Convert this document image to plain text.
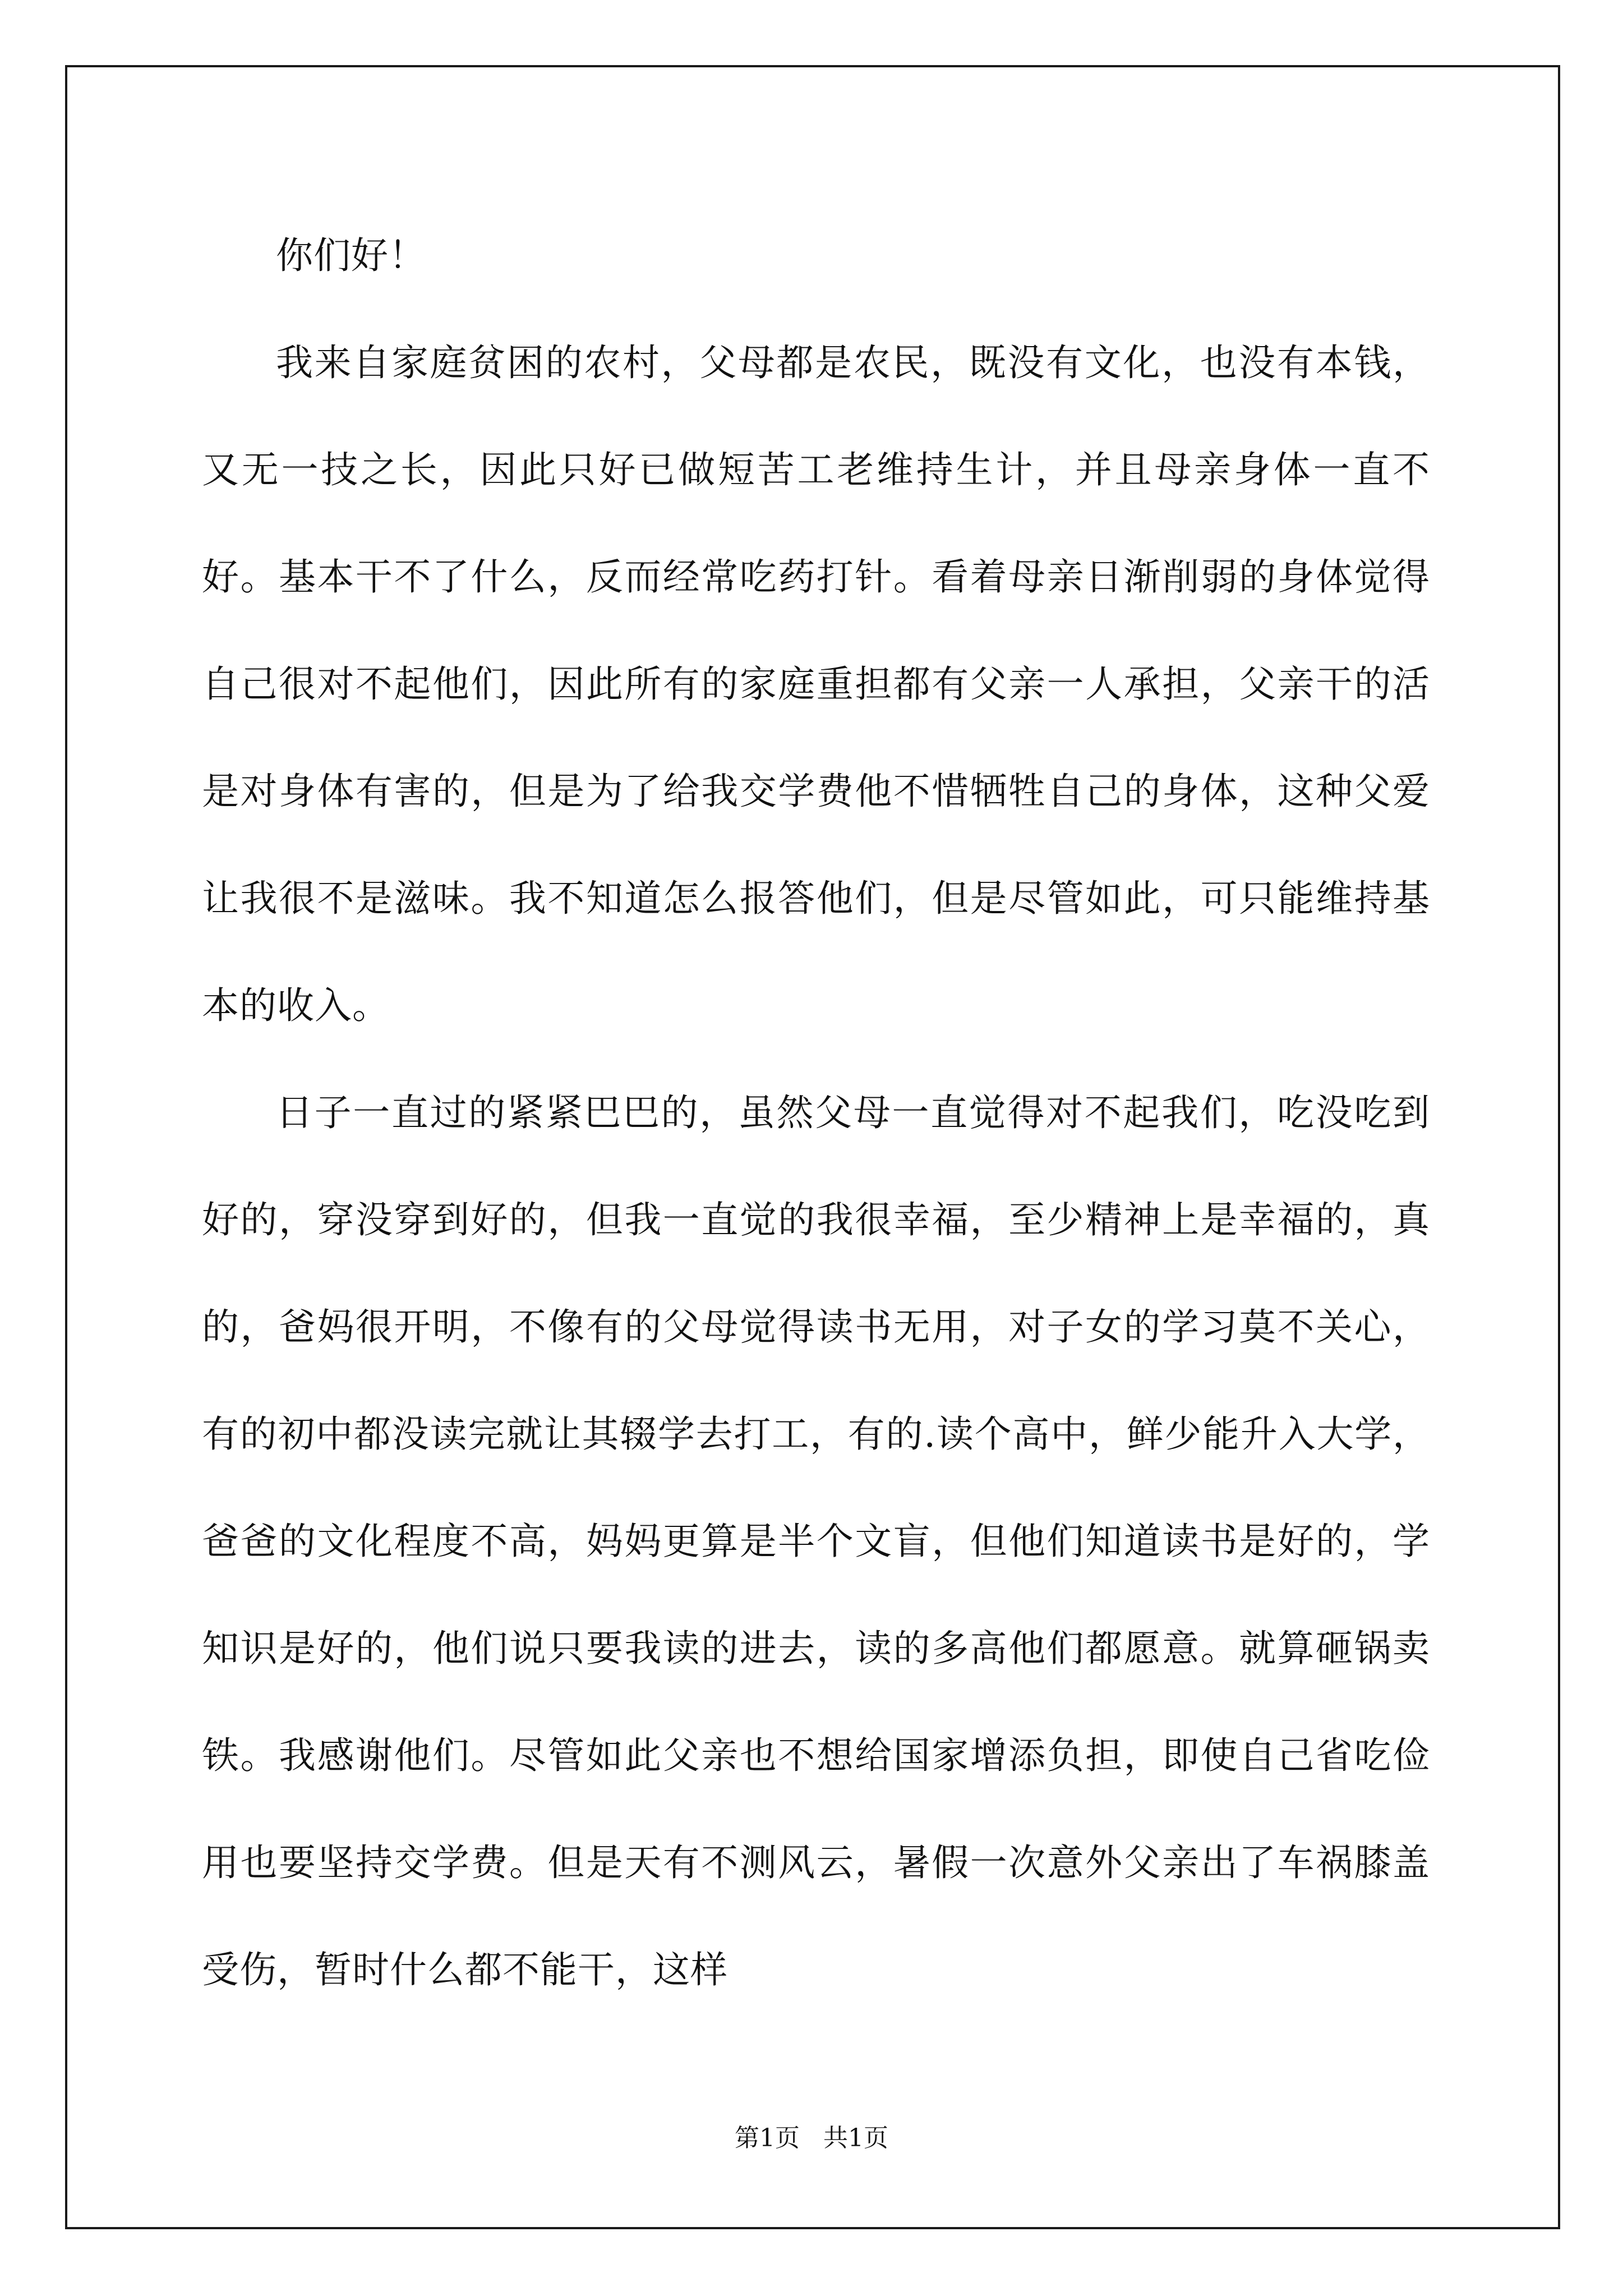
你们好！

我来自家庭贫困的农村，父母都是农民，既没有文化，也没有本钱，又无一技之长，因此只好已做短苦工老维持生计，并且母亲身体一直不好。基本干不了什么，反而经常吃药打针。看着母亲日渐削弱的身体觉得自己很对不起他们，因此所有的家庭重担都有父亲一人承担，父亲干的活是对身体有害的，但是为了给我交学费他不惜牺牲自己的身体，这种父爱让我很不是滋味。我不知道怎么报答他们，但是尽管如此，可只能维持基本的收入。

日子一直过的紧紧巴巴的，虽然父母一直觉得对不起我们，吃没吃到好的，穿没穿到好的，但我一直觉的我很幸福，至少精神上是幸福的，真的，爸妈很开明，不像有的父母觉得读书无用，对子女的学习莫不关心，有的初中都没读完就让其辍学去打工，有的.读个高中，鲜少能升入大学，爸爸的文化程度不高，妈妈更算是半个文盲，但他们知道读书是好的，学知识是好的，他们说只要我读的进去，读的多高他们都愿意。就算砸锅卖铁。我感谢他们。尽管如此父亲也不想给国家增添负担，即使自己省吃俭用也要坚持交学费。但是天有不测风云，暑假一次意外父亲出了车祸膝盖受伤，暂时什么都不能干，这样

第1页   共1页
